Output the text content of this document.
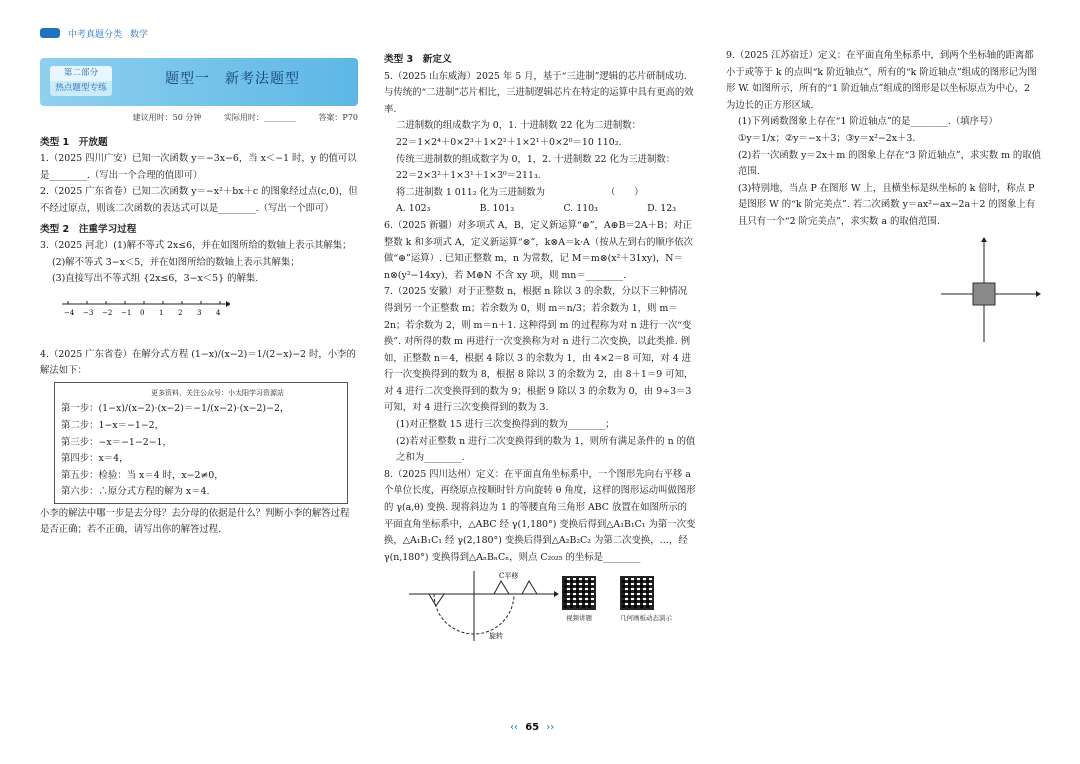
中考真题分类 数学
第二部分
热点题型专练
题型一　新考法题型
建议用时：50 分钟	实际用时：________	答案：P70
类型 1　开放题
1.（2025 四川广安）已知一次函数 y＝−3x−6，当 x＜−1 时，y 的值可以是________.（写出一个合理的值即可）
2.（2025 广东省卷）已知二次函数 y＝−x²＋bx＋c 的图象经过点(c,0)，但不经过原点，则该二次函数的表达式可以是________.（写出一个即可）
类型 2　注重学习过程
3.（2025 河北）(1)解不等式 2x≤6，并在如图所给的数轴上表示其解集；
(2)解不等式 3−x＜5，并在如图所给的数轴上表示其解集；
(3)直接写出不等式组 {2x≤6，3−x＜5} 的解集.
−4 −3 −2 −1 0 1 2 3 4
4.（2025 广东省卷）在解分式方程 (1−x)/(x−2)＝1/(2−x)−2 时，小李的解法如下：
更多资料，关注公众号：小太阳学习资源站
第一步：(1−x)/(x−2)·(x−2)＝−1/(x−2)·(x−2)−2，
第二步：1−x＝−1−2，
第三步：−x＝−1−2−1，
第四步：x＝4，
第五步：检验：当 x＝4 时，x−2≠0，
第六步：∴原分式方程的解为 x＝4.
小李的解法中哪一步是去分母？去分母的依据是什么？判断小李的解答过程是否正确；若不正确，请写出你的解答过程.
类型 3　新定义
5.（2025 山东威海）2025 年 5 月，基于“三进制”逻辑的芯片研制成功. 与传统的“二进制”芯片相比，三进制逻辑芯片在特定的运算中具有更高的效率.
二进制数的组成数字为 0，1. 十进制数 22 化为二进制数：
22＝1×2⁴＋0×2³＋1×2²＋1×2¹＋0×2⁰＝10 110₂.
传统三进制数的组成数字为 0，1，2. 十进制数 22 化为三进制数：
22＝2×3²＋1×3¹＋1×3⁰＝211₃.
将二进制数 1 011₂ 化为三进制数为　　　　　　　（　　）
A. 102₃	B. 101₃	C. 110₃	D. 12₃
6.（2025 新疆）对多项式 A，B，定义新运算“⊕”，A⊕B＝2A＋B；对正整数 k 和多项式 A，定义新运算“⊗”，k⊗A＝k·A（按从左到右的顺序依次做“⊕”运算）. 已知正整数 m，n 为常数，记 M＝m⊗(x²＋31xy)，N＝n⊗(y²−14xy)，若 M⊕N 不含 xy 项，则 mn＝________.
7.（2025 安徽）对于正整数 n，根据 n 除以 3 的余数，分以下三种情况得到另一个正整数 m；若余数为 0，则 m＝n/3；若余数为 1，则 m＝2n；若余数为 2，则 m＝n＋1. 这种得到 m 的过程称为对 n 进行一次“变换”. 对所得的数 m 再进行一次变换称为对 n 进行二次变换，以此类推. 例如，正整数 n＝4，根据 4 除以 3 的余数为 1，由 4×2＝8 可知，对 4 进行一次变换得到的数为 8，根据 8 除以 3 的余数为 2，由 8＋1＝9 可知，对 4 进行二次变换得到的数为 9；根据 9 除以 3 的余数为 0，由 9÷3＝3 可知，对 4 进行三次变换得到的数为 3.
(1)对正整数 15 进行三次变换得到的数为________；
(2)若对正整数 n 进行二次变换得到的数为 1，则所有满足条件的 n 的值之和为________.
8.（2025 四川达州）定义：在平面直角坐标系中，一个图形先向右平移 a 个单位长度，再绕原点按顺时针方向旋转 θ 角度，这样的图形运动叫做图形的 γ(a,θ) 变换. 现将斜边为 1 的等腰直角三角形 ABC 放置在如图所示的平面直角坐标系中，△ABC 经 γ(1,180°) 变换后得到△A₁B₁C₁ 为第一次变换，△A₁B₁C₁ 经 γ(2,180°) 变换后得到△A₂B₂C₂ 为第二次变换，…，经 γ(n,180°) 变换得到△AₙBₙCₙ，则点 C₂₀₂₅ 的坐标是________
C平移
旋转
视频讲题	几何画板动态演示
9.（2025 江苏宿迁）定义：在平面直角坐标系中，到两个坐标轴的距离都小于或等于 k 的点叫“k 阶近轴点”，所有的“k 阶近轴点”组成的图形记为图形 W. 如图所示，所有的“1 阶近轴点”组成的图形是以坐标原点为中心，2 为边长的正方形区域.
(1)下列函数图象上存在“1 阶近轴点”的是________.（填序号）
①y＝1/x；②y＝−x＋3；③y＝x²−2x＋3.
(2)若一次函数 y＝2x＋m 的图象上存在“3 阶近轴点”，求实数 m 的取值范围.
(3)特别地，当点 P 在图形 W 上，且横坐标是纵坐标的 k 倍时，称点 P 是图形 W 的“k 阶完美点”. 若二次函数 y＝ax²−ax−2a＋2 的图象上有且只有一个“2 阶完美点”，求实数 a 的取值范围.
‹‹ 65 ››
